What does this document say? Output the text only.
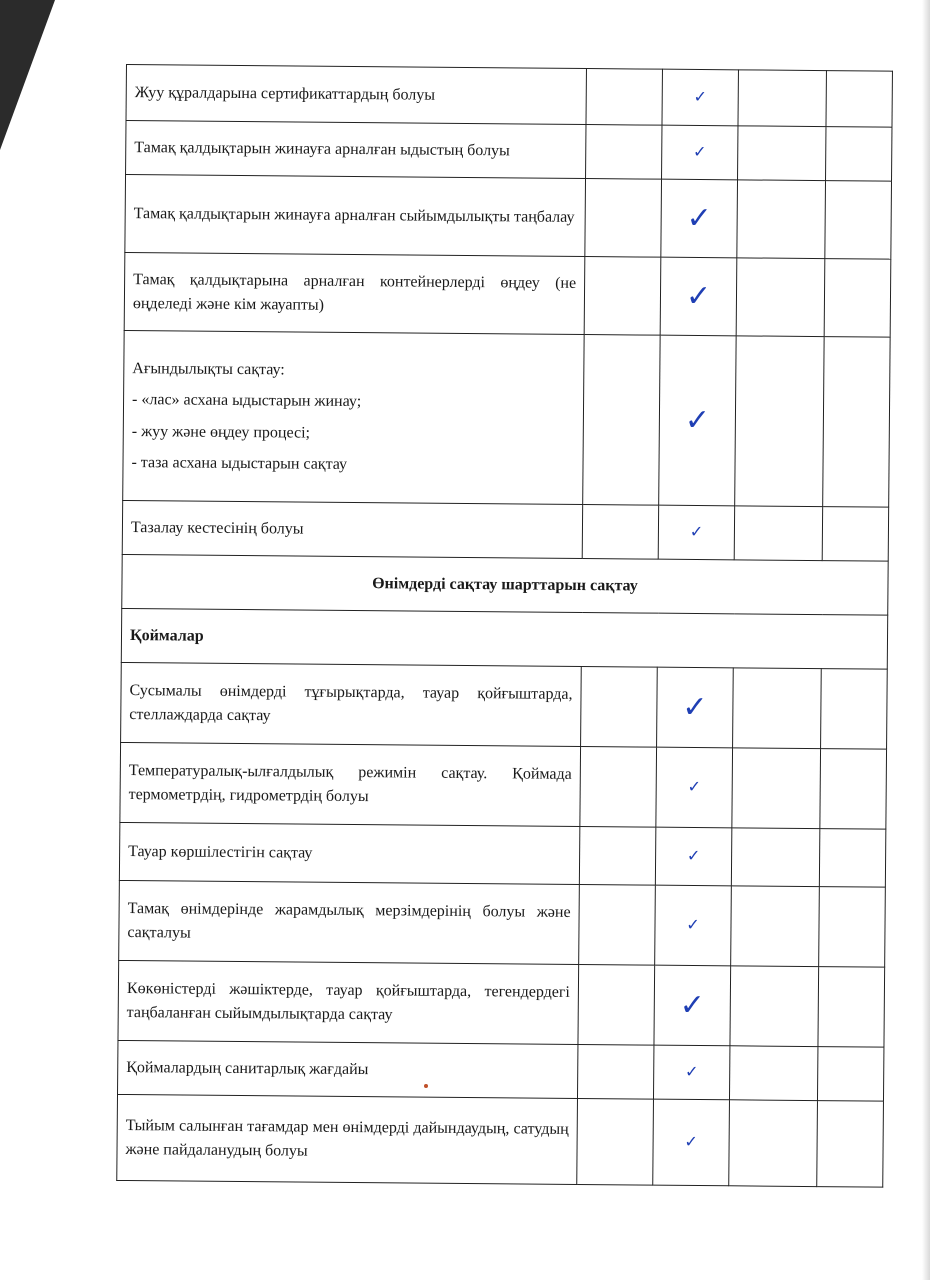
Жуу құралдарына сертификаттардың болуы		✓		
Тамақ қалдықтарын жинауға арналған ыдыстың болуы		✓		
Тамақ қалдықтарын жинауға арналған сыйымдылықты таңбалау		✓		
Тамақ қалдықтарына арналған контейнерлерді өңдеу (не өңделеді және кім жауапты)		✓		

Ағындылықты сақтау:
- «лас» асхана ыдыстарын жинау;
- жуу және өңдеу процесі;
- таза асхана ыдыстарын сақтау		✓		
Тазалау кестесінің болуы		✓		
Өнімдерді сақтау шарттарын сақтау				
Қоймалар				
Сусымалы өнімдерді тұғырықтарда, тауар қойғыштарда, стеллаждарда сақтау		✓		
Температуралық-ылғалдылық режимін сақтау. Қоймада термометрдің, гидрометрдің болуы		✓		
Тауар көршілестігін сақтау		✓		
Тамақ өнімдерінде жарамдылық мерзімдерінің болуы және сақталуы		✓		
Көкөністерді жәшіктерде, тауар қойғыштарда, тегендердегі таңбаланған сыйымдылықтарда сақтау		✓		
Қоймалардың санитарлық жағдайы		✓		
Тыйым салынған тағамдар мен өнімдерді дайындаудың, сатудың және пайдаланудың болуы		✓		
